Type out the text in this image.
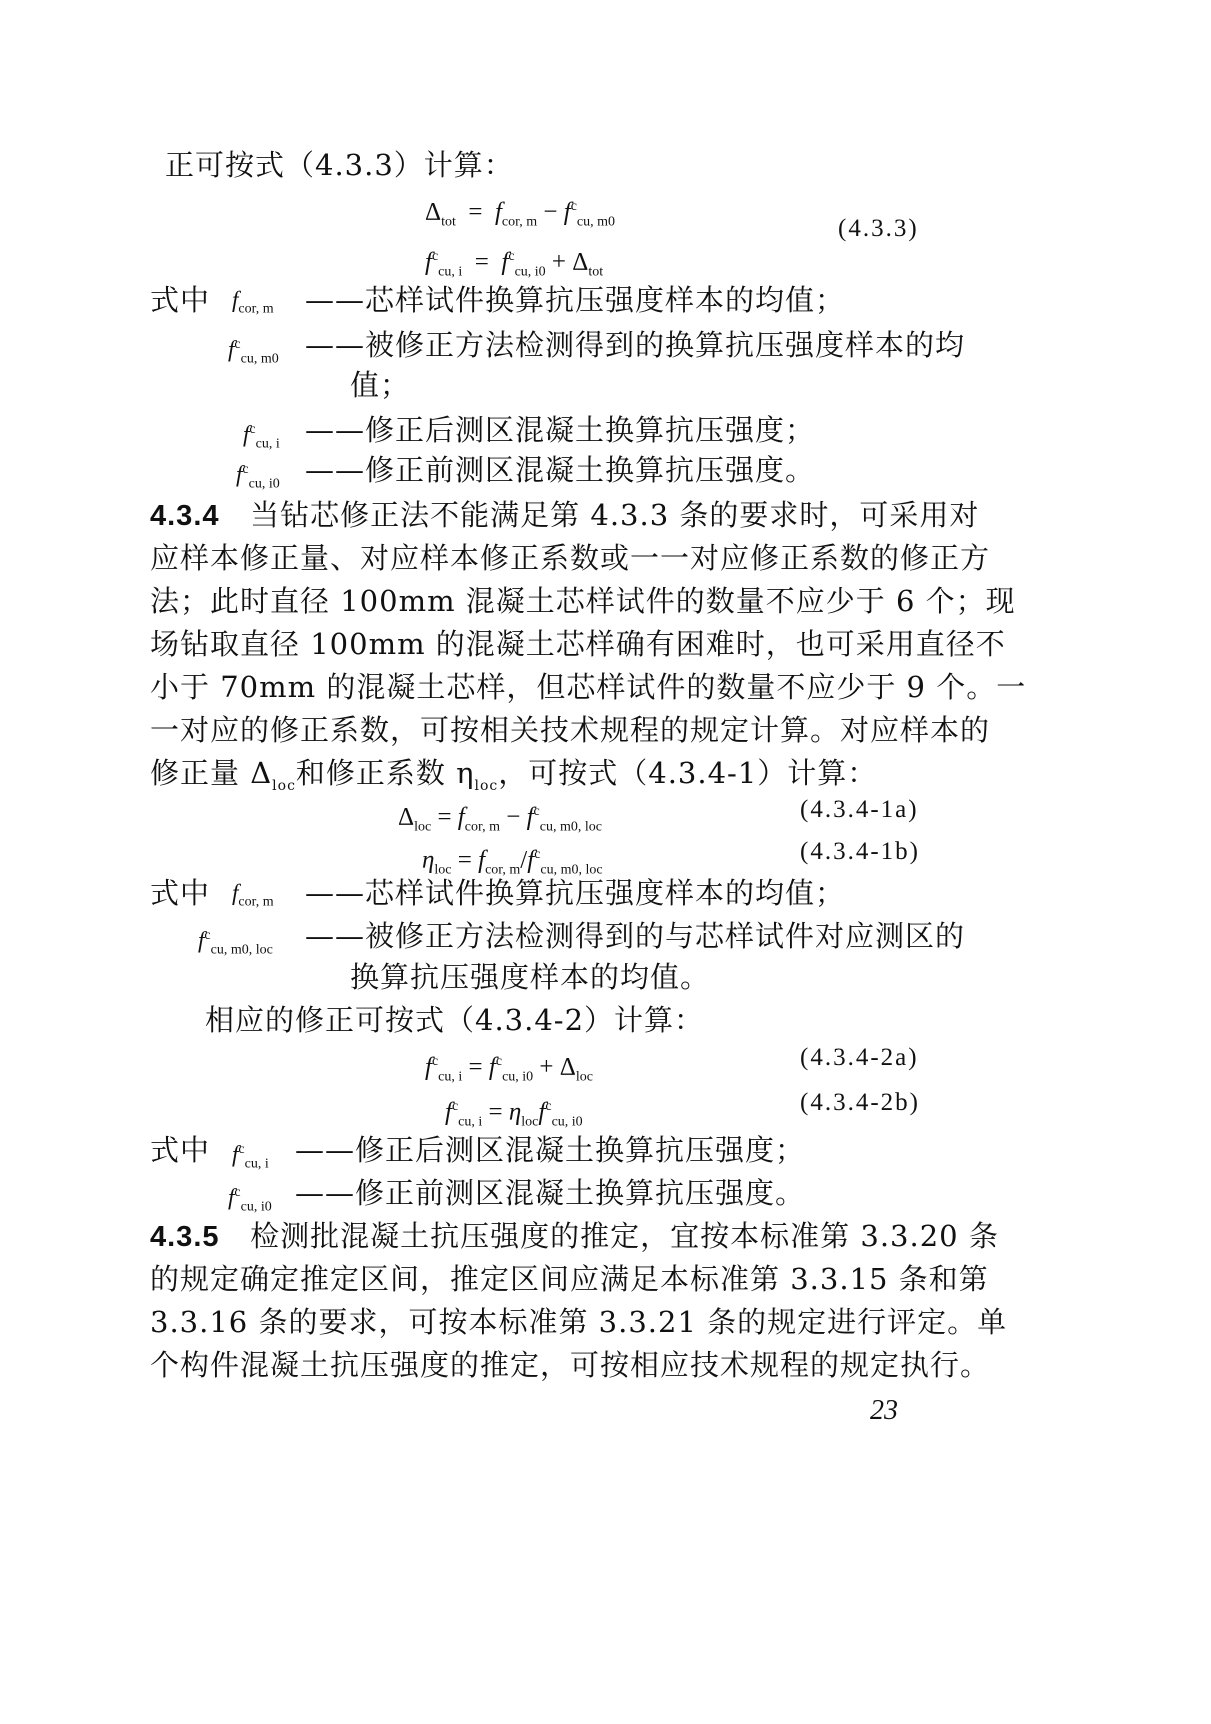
正可按式（4.3.3）计算：
$\Delta_{tot} = f_{cor, m} - f^c_{cu, m0}$
$f^c_{cu, i} = f^c_{cu, i0} + \Delta_{tot}$
(4.3.3)
式中 $f_{cor, m}$ ——芯样试件换算抗压强度样本的均值；
$f^c_{cu, m0}$ ——被修正方法检测得到的换算抗压强度样本的均
值；
$f^c_{cu, i}$ ——修正后测区混凝土换算抗压强度；
$f^c_{cu, i0}$ ——修正前测区混凝土换算抗压强度。
4.3.4 当钻芯修正法不能满足第 4.3.3 条的要求时，可采用对
应样本修正量、对应样本修正系数或一一对应修正系数的修正方
法；此时直径 100mm 混凝土芯样试件的数量不应少于 6 个；现
场钻取直径 100mm 的混凝土芯样确有困难时，也可采用直径不
小于 70mm 的混凝土芯样，但芯样试件的数量不应少于 9 个。一
一对应的修正系数，可按相关技术规程的规定计算。对应样本的
修正量 $\Delta_{loc}$和修正系数 $\eta_{loc}$，可按式（4.3.4-1）计算：
$\Delta_{loc} = f_{cor, m} - f^c_{cu, m0, loc}$
(4.3.4-1a)
$\eta_{loc} = f_{cor, m}/f^c_{cu, m0, loc}$
(4.3.4-1b)
式中 $f_{cor, m}$ ——芯样试件换算抗压强度样本的均值；
$f^c_{cu, m0, loc}$ ——被修正方法检测得到的与芯样试件对应测区的
换算抗压强度样本的均值。
相应的修正可按式（4.3.4-2）计算：
$f^c_{cu, i} = f^c_{cu, i0} + \Delta_{loc}$
(4.3.4-2a)
$f^c_{cu, i} = \eta_{loc}f^c_{cu, i0}$
(4.3.4-2b)
式中 $f^c_{cu, i}$ ——修正后测区混凝土换算抗压强度；
$f^c_{cu, i0}$ ——修正前测区混凝土换算抗压强度。
4.3.5 检测批混凝土抗压强度的推定，宜按本标准第 3.3.20 条
的规定确定推定区间，推定区间应满足本标准第 3.3.15 条和第
3.3.16 条的要求，可按本标准第 3.3.21 条的规定进行评定。单
个构件混凝土抗压强度的推定，可按相应技术规程的规定执行。
23
